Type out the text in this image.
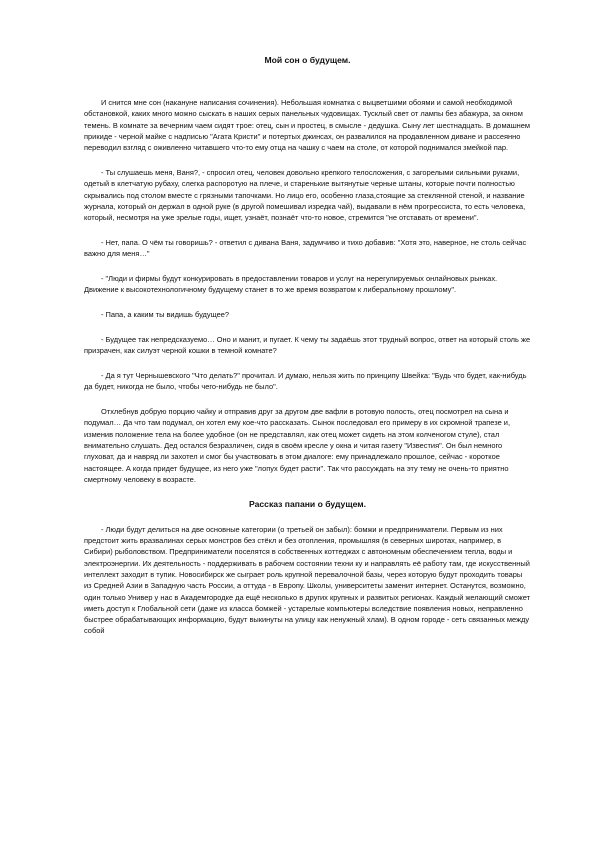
Мой сон о будущем.

И снится мне сон (накануне написания сочинения). Небольшая комнатка с выцветшими обоями и самой необходимой обстановкой, каких много можно сыскать в наших серых панельных чудовищах. Тусклый свет от лампы без абажура, за окном темень. В комнате за вечерним чаем сидят трое: отец, сын и простец, в смысле - дедушка. Сыну лет шестнадцать. В домашнем прикиде - черной майке с надписью "Агата Кристи" и потертых джинсах, он развалился на продавленном диване и рассеянно переводил взгляд с оживленно читавшего что-то ему отца на чашку с чаем на столе, от которой поднимался змейкой пар.

- Ты слушаешь меня, Ваня?, - спросил отец, человек довольно крепкого телосложения, с загорелыми сильными руками, одетый в клетчатую рубаху, слегка распоротую на плече, и старенькие вытянутые черные штаны, которые почти полностью скрывались под столом вместе с грязными тапочками. Но лицо его, особенно глаза,стоящие за стеклянной стеной, и название журнала, который он держал в одной руке (в другой помешивал изредка чай), выдавали в нём прогрессиста, то есть человека, который, несмотря на уже зрелые годы, ищет, узнаёт, познаёт что-то новое, стремится "не отставать от времени".

- Нет, папа. О чём ты говоришь? - ответил с дивана Ваня, задумчиво и тихо добавив: "Хотя это, наверное, не столь сейчас важно для меня…"

- "Люди и фирмы будут конкурировать в предоставлении товаров и услуг на нерегулируемых онлайновых рынках. Движение к высокотехнологичному будущему станет в то же время возвратом к либеральному прошлому".

- Папа, а каким ты видишь будущее?

- Будущее так непредсказуемо… Оно и манит, и пугает. К чему ты задаёшь этот трудный вопрос, ответ на который столь же призрачен, как силуэт черной кошки в темной комнате?

- Да я тут Чернышевского "Что делать?" прочитал. И думаю, нельзя жить по принципу Швейка: "Будь что будет, как-нибудь да будет, никогда не было, чтобы чего-нибудь не было".

Отхлебнув добрую порцию чайку и отправив друг за другом две вафли в ротовую полость, отец посмотрел на сына и подумал… Да что там подумал, он хотел ему кое-что рассказать. Сынок последовал его примеру в их скромной трапезе и, изменив положение тела на более удобное (он не представлял, как отец может сидеть на этом колченогом стуле), стал внимательно слушать. Дед остался безразличен, сидя в своём кресле у окна и читая газету "Известия". Он был немного глуховат, да и навряд ли захотел и смог бы участвовать в этом диалоге: ему принадлежало прошлое, сейчас - короткое настоящее. А когда придет будущее, из него уже "лопух будет расти". Так что рассуждать на эту тему не очень-то приятно смертному человеку в возрасте.

Рассказ папани о будущем.

- Люди будут делиться на две основные категории (о третьей он забыл): бомжи и предприниматели. Первым из них предстоит жить вразвалинах серых монстров без стёкл и без отопления, промышляя (в северных широтах, например, в Сибири) рыболовством. Предприниматели поселятся в собственных коттеджах с автономным обеспечением тепла, воды и электроэнергии. Их деятельность - поддерживать в рабочем состоянии техни ку и направлять её работу там, где искусственный интеллект заходит в тупик. Новосибирск же сыграет роль крупной перевалочной базы, через которую будут проходить товары из Средней Азии в Западную часть России, а оттуда - в Европу. Школы, университеты заменит интернет. Останутся, возможно, один только Универ у нас в Академгородке да ещё несколько в других крупных и развитых регионах. Каждый желающий сможет иметь доступ к Глобальной сети (даже из класса бомжей - устарелые компьютеры вследствие появления новых, неправленно быстрее обрабатывающих информацию, будут выкинуты на улицу как ненужный хлам). В одном городе - сеть связанных между собой
